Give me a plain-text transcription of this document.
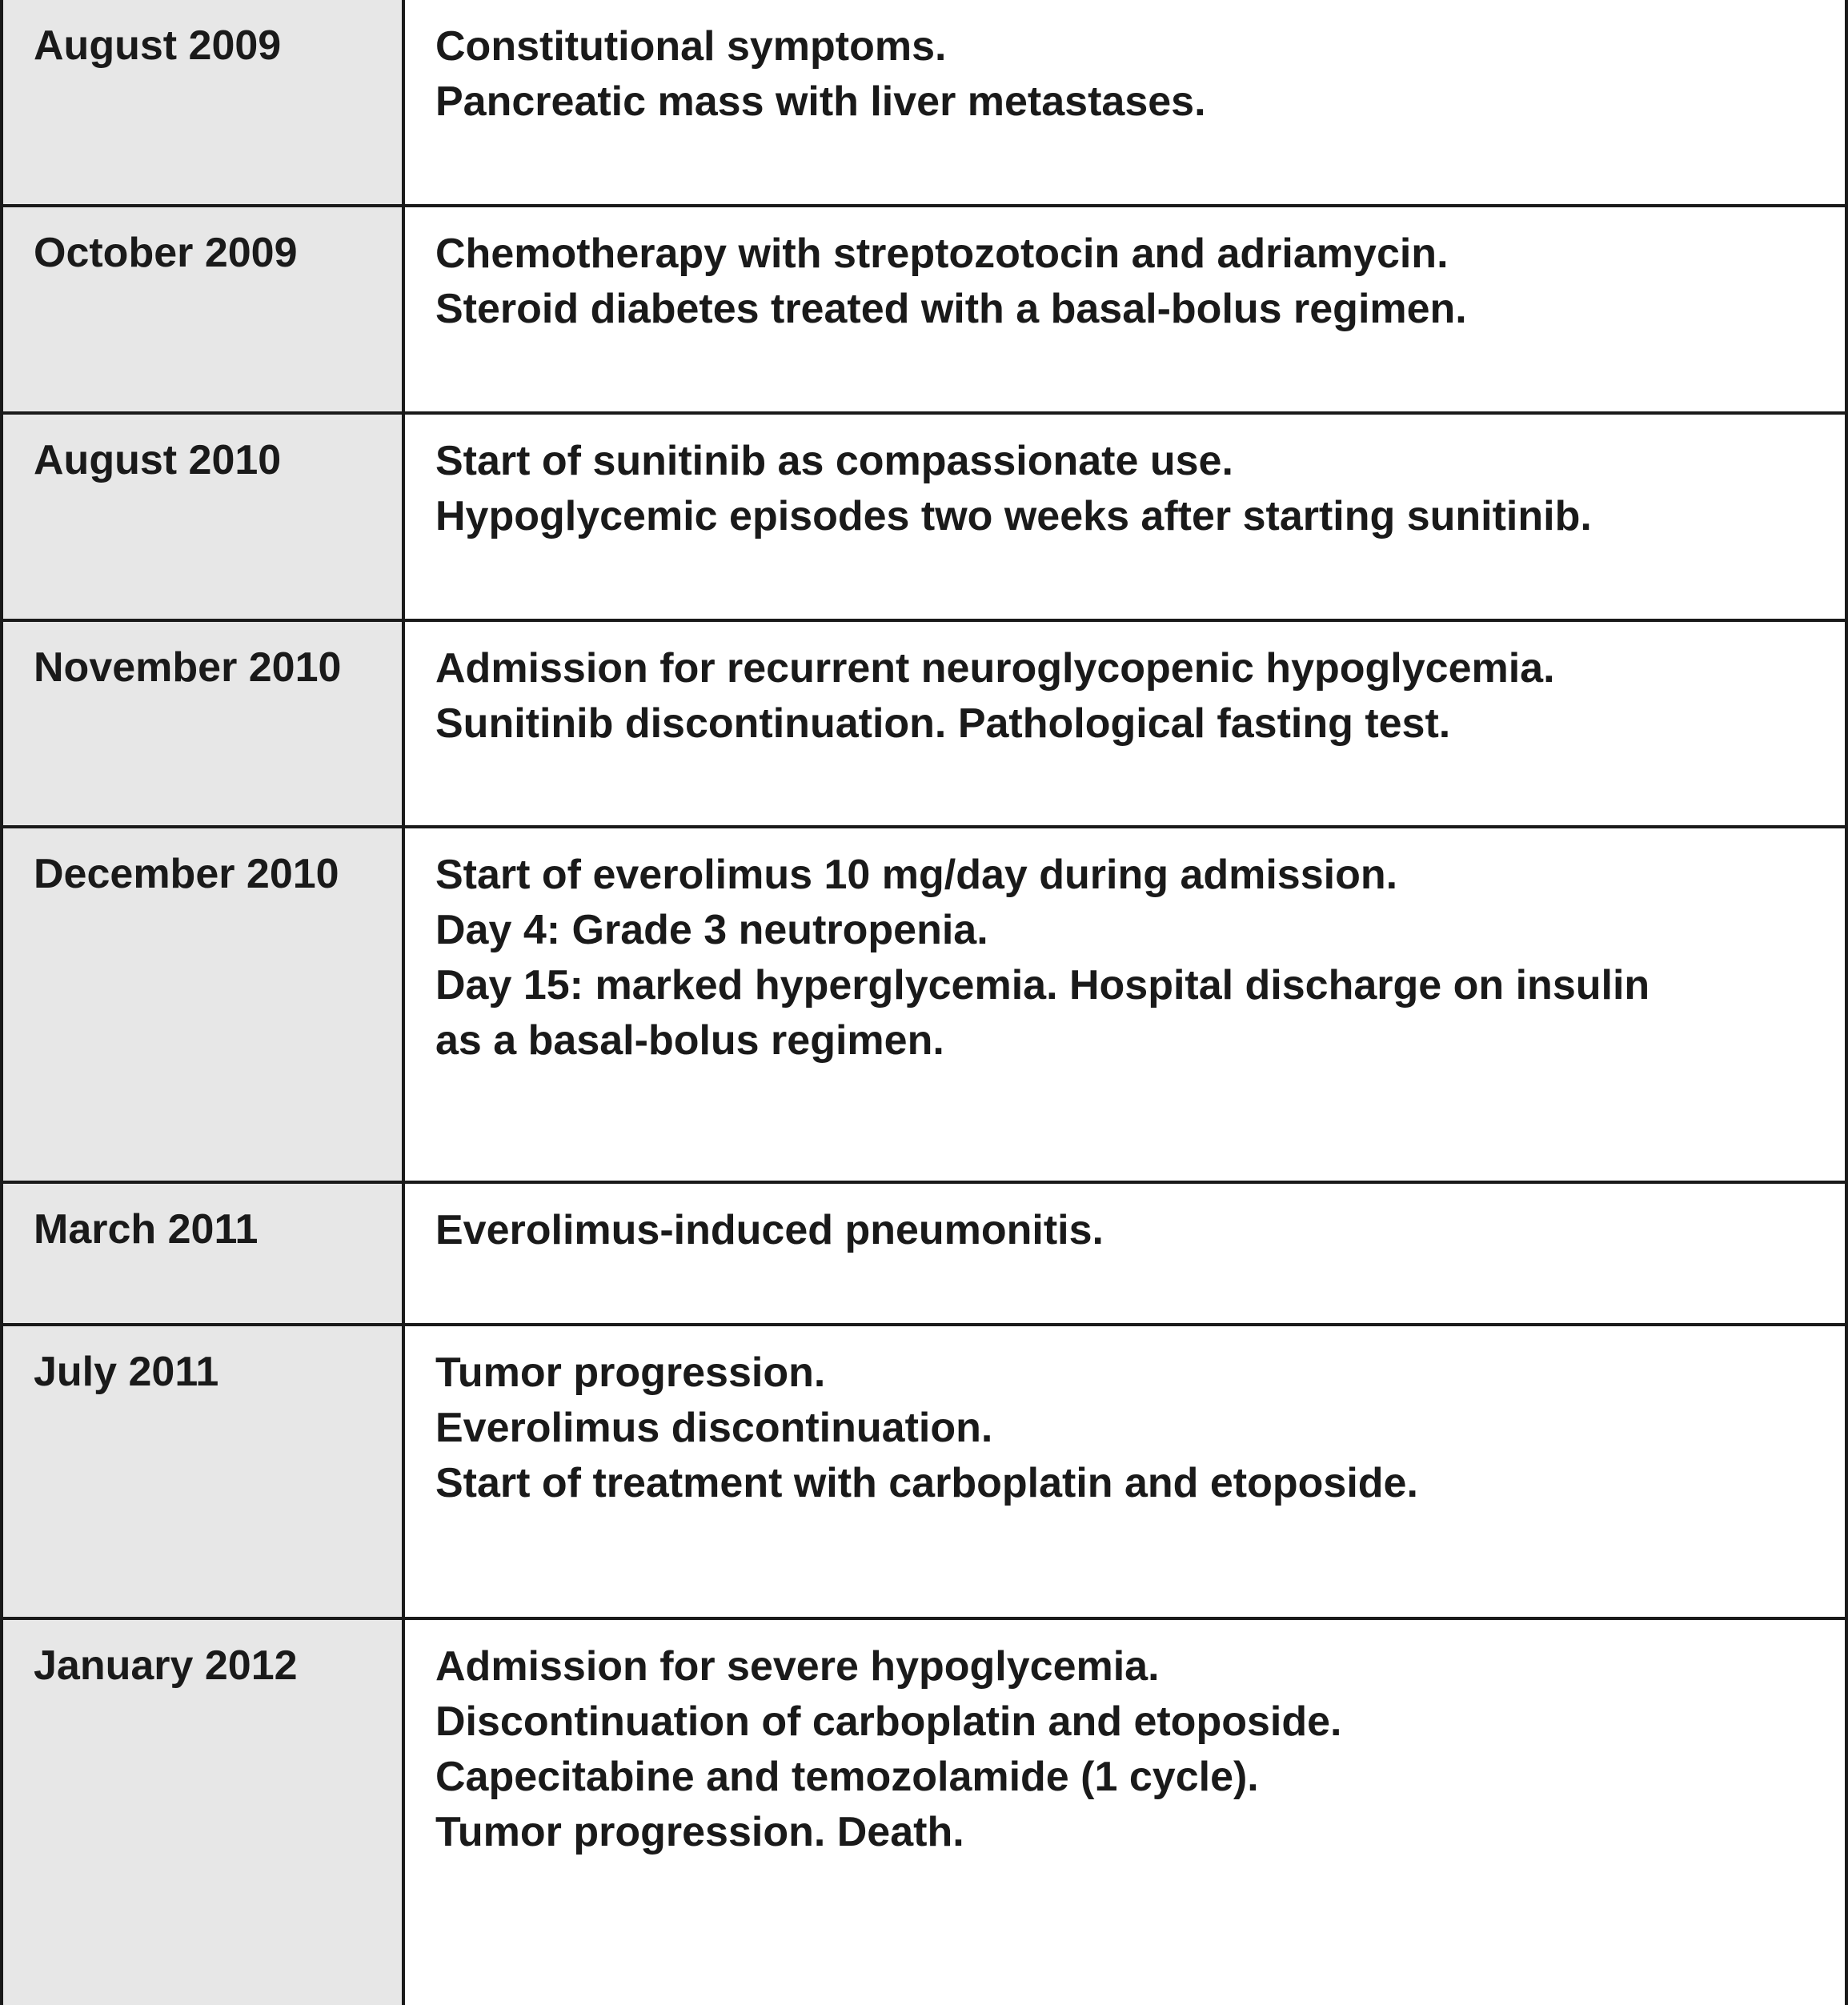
August 2009	Constitutional symptoms.
Pancreatic mass with liver metastases.
October 2009	Chemotherapy with streptozotocin and adriamycin.
Steroid diabetes treated with a basal-bolus regimen.
August 2010	Start of sunitinib as compassionate use.
Hypoglycemic episodes two weeks after starting sunitinib.
November 2010	Admission for recurrent neuroglycopenic hypoglycemia.
Sunitinib discontinuation. Pathological fasting test.
December 2010	Start of everolimus 10 mg/day during admission.
Day 4: Grade 3 neutropenia.
Day 15: marked hyperglycemia. Hospital discharge on insulin
as a basal-bolus regimen.
March 2011	Everolimus-induced pneumonitis.
July 2011	Tumor progression.
Everolimus discontinuation.
Start of treatment with carboplatin and etoposide.
January 2012	Admission for severe hypoglycemia.
Discontinuation of carboplatin and etoposide.
Capecitabine and temozolamide (1 cycle).
Tumor progression. Death.
